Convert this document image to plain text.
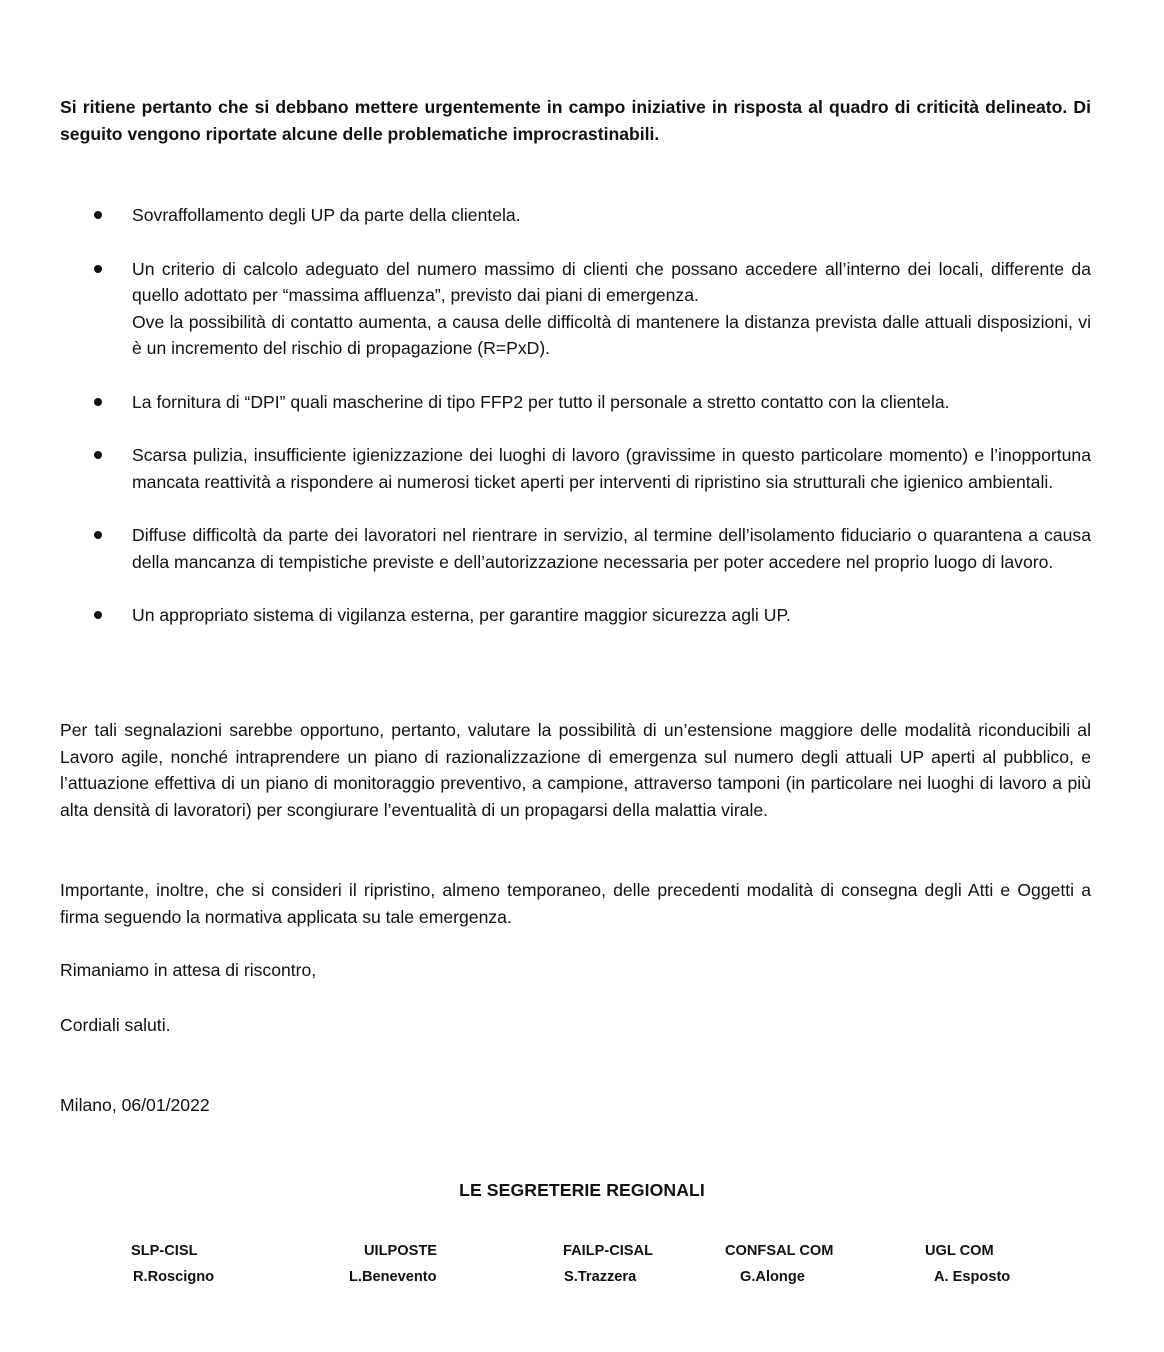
Si ritiene pertanto che si debbano mettere urgentemente in campo iniziative in risposta al quadro di criticità delineato. Di seguito vengono riportate alcune delle problematiche improcrastinabili.

Sovraffollamento degli UP da parte della clientela.

Un criterio di calcolo adeguato del numero massimo di clienti che possano accedere all’interno dei locali, differente da quello adottato per “massima affluenza”, previsto dai piani di emergenza.

Ove la possibilità di contatto aumenta, a causa delle difficoltà di mantenere la distanza prevista dalle attuali disposizioni, vi è un incremento del rischio di propagazione (R=PxD).

La fornitura di “DPI” quali mascherine di tipo FFP2 per tutto il personale a stretto contatto con la clientela.

Scarsa pulizia, insufficiente igienizzazione dei luoghi di lavoro (gravissime in questo particolare momento) e l’inopportuna mancata reattività a rispondere ai numerosi ticket aperti per interventi di ripristino sia strutturali che igienico ambientali.

Diffuse difficoltà da parte dei lavoratori nel rientrare in servizio, al termine dell’isolamento fiduciario o quarantena a causa della mancanza di tempistiche previste e dell’autorizzazione necessaria per poter accedere nel proprio luogo di lavoro.

Un appropriato sistema di vigilanza esterna, per garantire maggior sicurezza agli UP.

Per tali segnalazioni sarebbe opportuno, pertanto, valutare la possibilità di un’estensione maggiore delle modalità riconducibili al Lavoro agile, nonché intraprendere un piano di razionalizzazione di emergenza sul numero degli attuali UP aperti al pubblico, e l’attuazione effettiva di un piano di monitoraggio preventivo, a campione, attraverso tamponi (in particolare nei luoghi di lavoro a più alta densità di lavoratori) per scongiurare l’eventualità di un propagarsi della malattia virale.

Importante, inoltre, che si consideri il ripristino, almeno temporaneo, delle precedenti modalità di consegna degli Atti e Oggetti a firma seguendo la normativa applicata su tale emergenza.

Rimaniamo in attesa di riscontro,

Cordiali saluti.

Milano, 06/01/2022

LE SEGRETERIE REGIONALI

SLP-CISL
R.Roscigno
UILPOSTE
L.Benevento
FAILP-CISAL
S.Trazzera
CONFSAL COM
G.Alonge
UGL COM
A. Esposto
